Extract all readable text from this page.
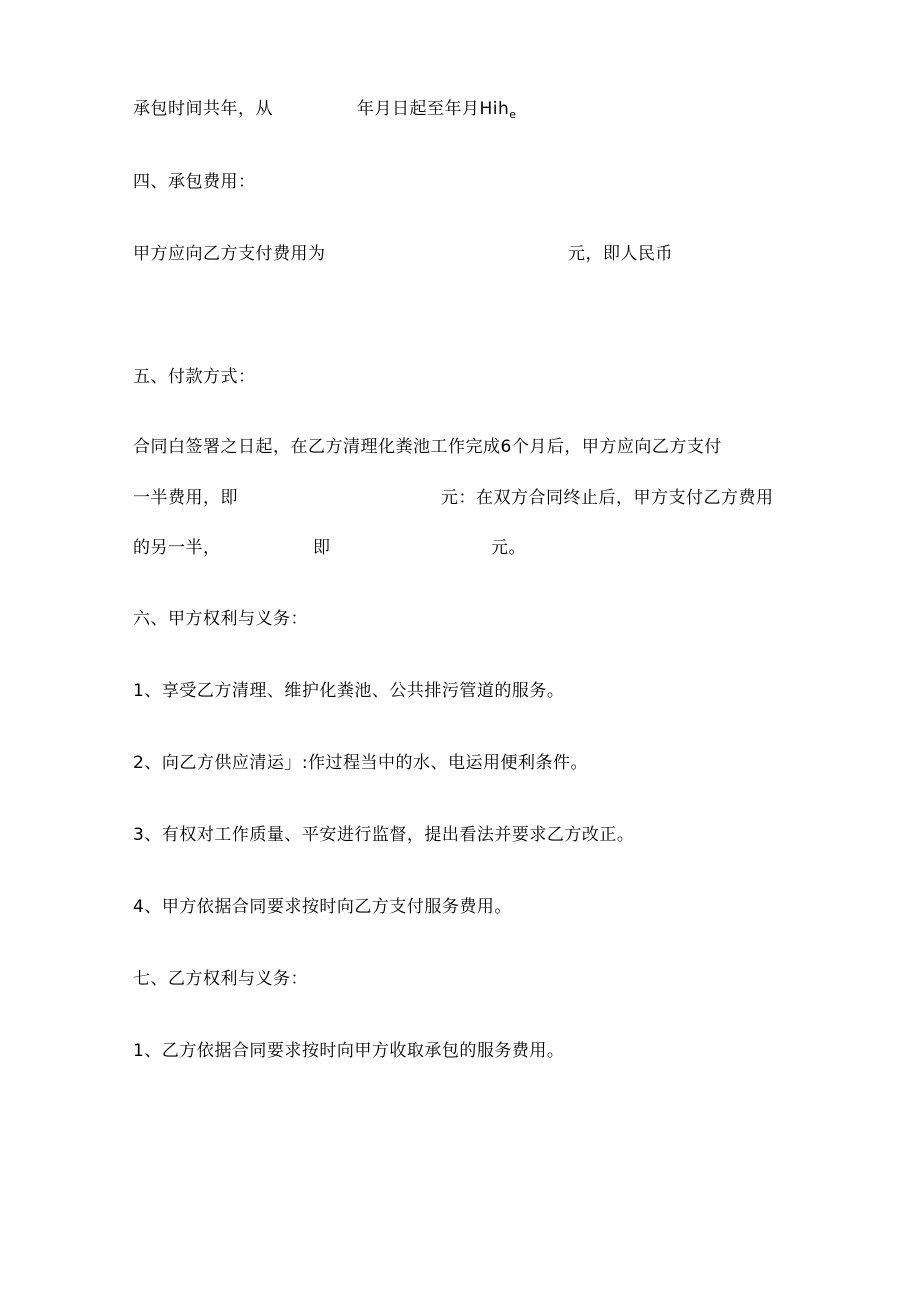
承包时间共年，从	年月日起至年月Hih$_e$
四、承包费用：
甲方应向乙方支付费用为	元，即人民币
五、付款方式：
合同白签署之日起，在乙方清理化粪池工作完成6个月后，甲方应向乙方支付
一半费用，即	元：在双方合同终止后，甲方支付乙方费用
的另一半，	即	元。
六、甲方权利与义务：
1、享受乙方清理、维护化粪池、公共排污管道的服务。
2、向乙方供应清运」:作过程当中的水、电运用便利条件。
3、有权对工作质量、平安进行监督，提出看法并要求乙方改正。
4、甲方依据合同要求按时向乙方支付服务费用。
七、乙方权利与义务：
1、乙方依据合同要求按时向甲方收取承包的服务费用。
